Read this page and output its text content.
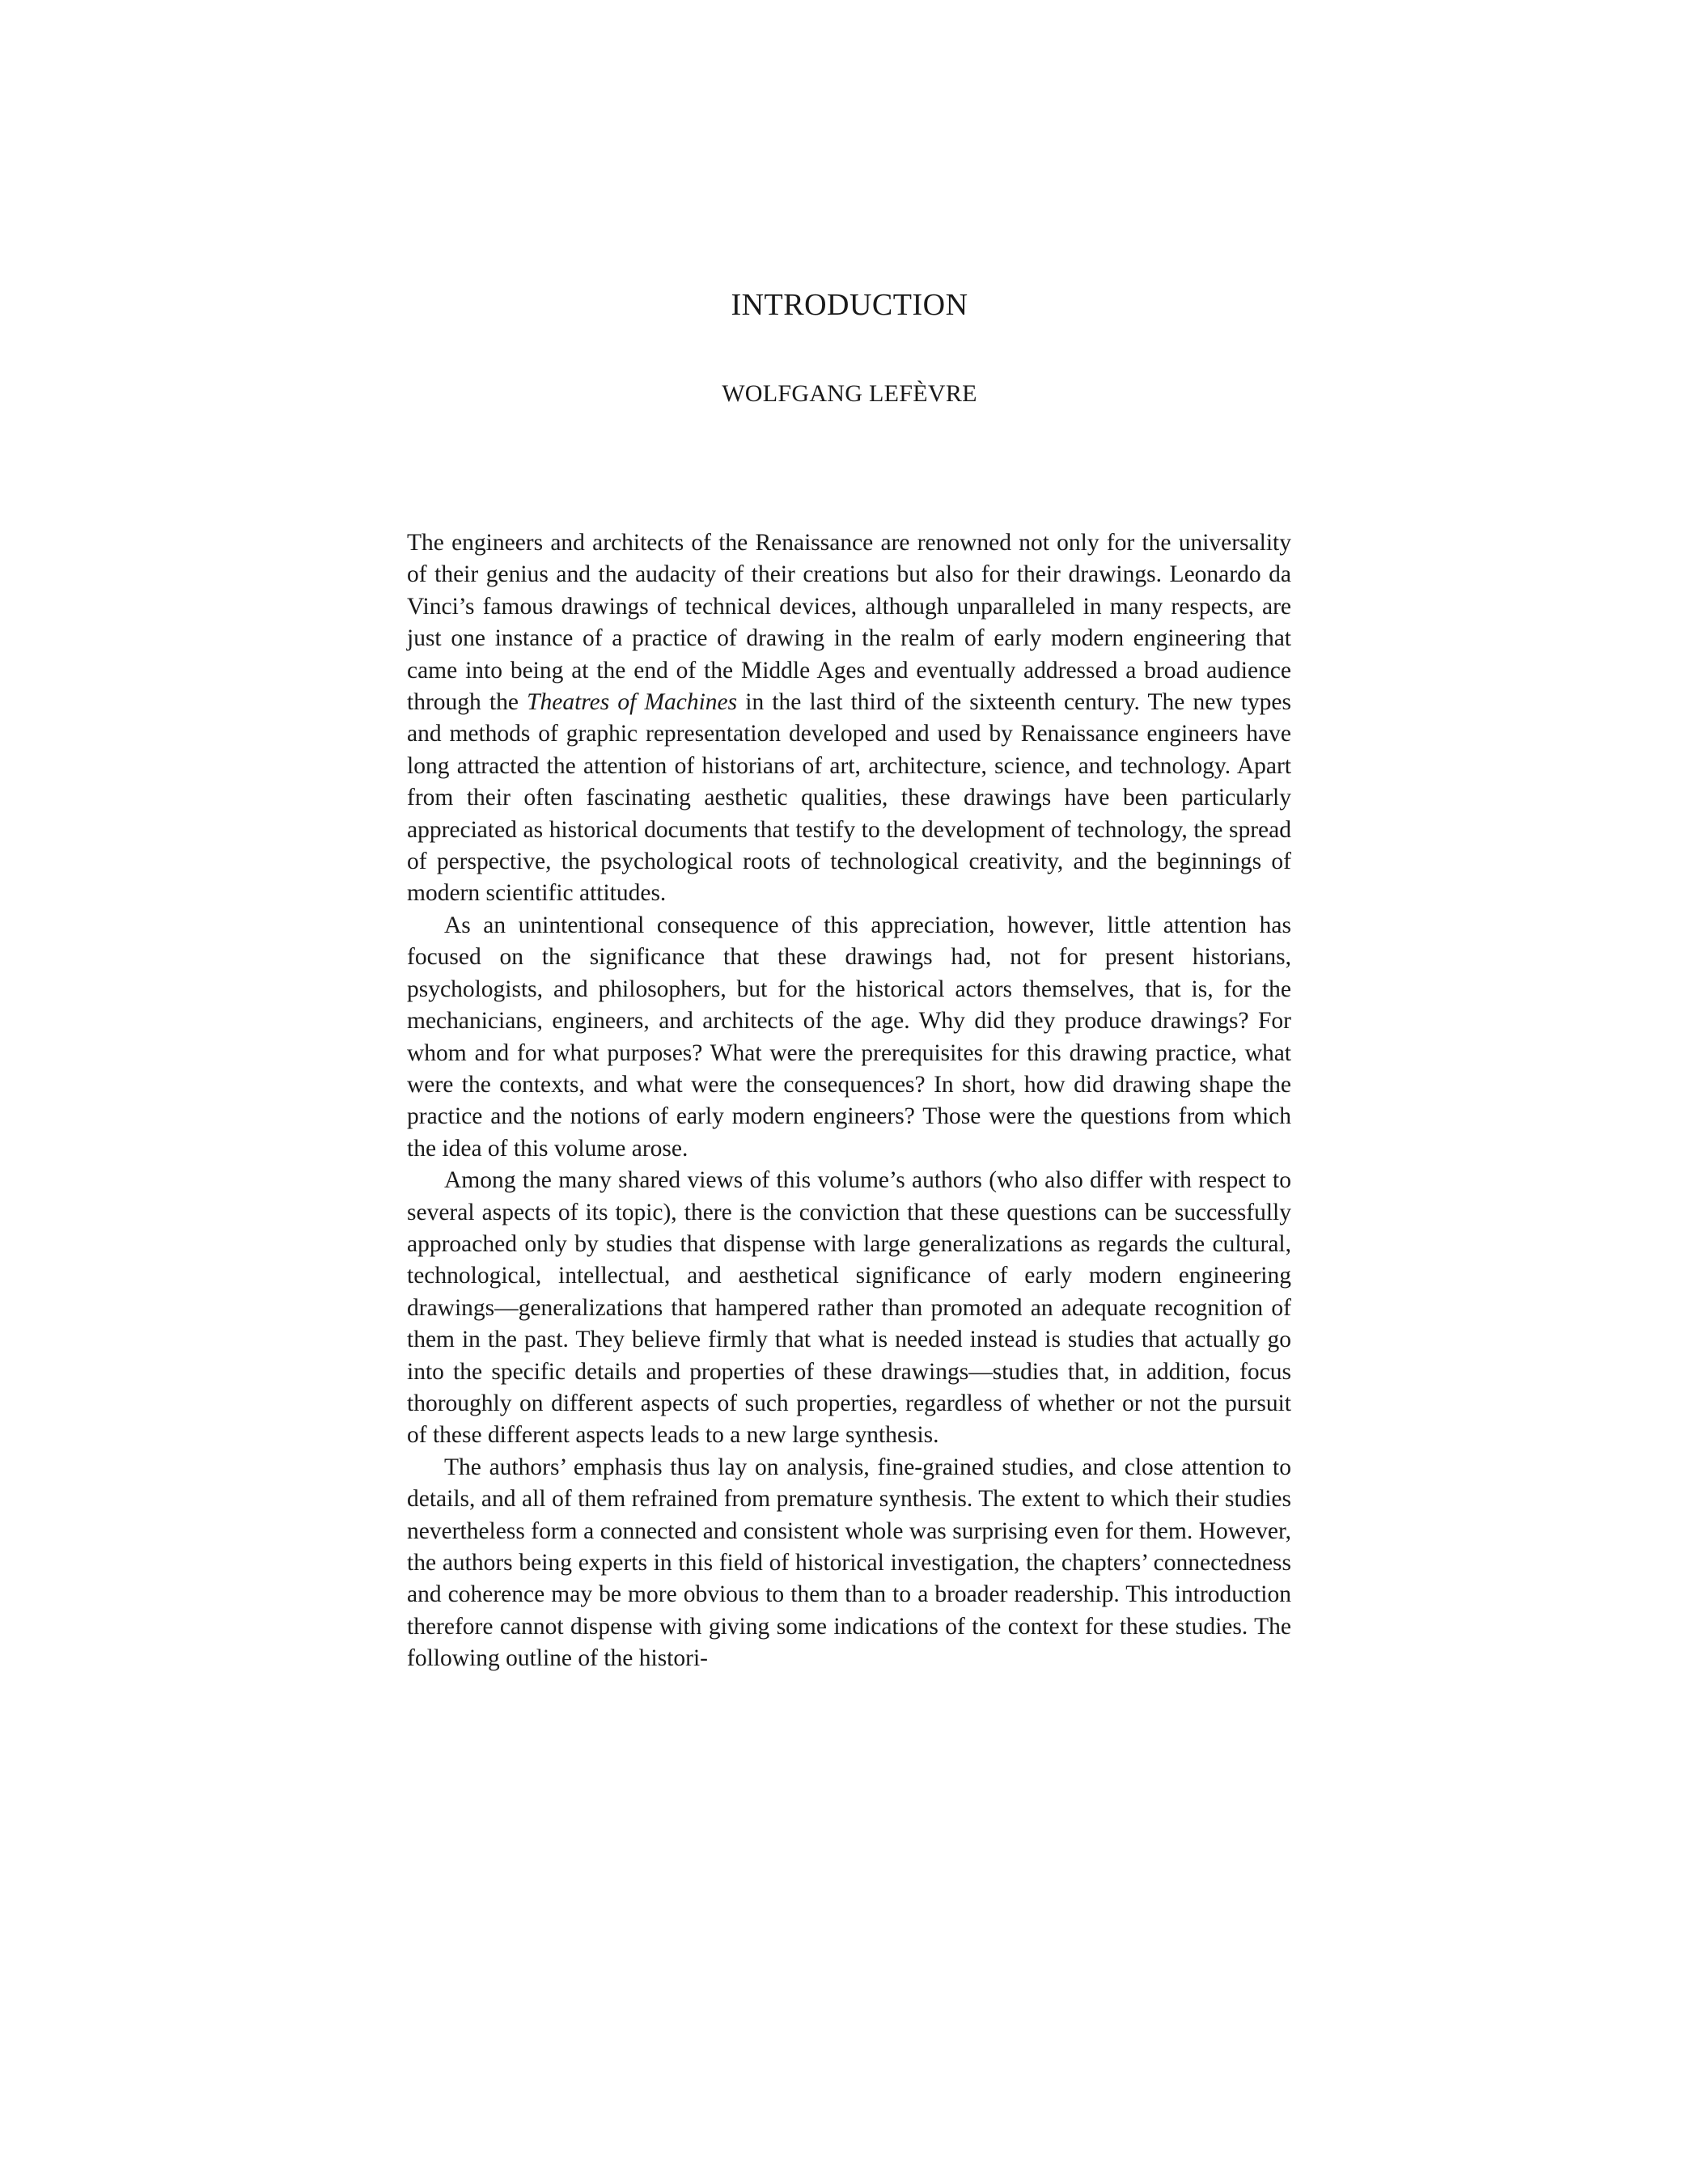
INTRODUCTION
WOLFGANG LEFÈVRE

The engineers and architects of the Renaissance are renowned not only for the universality of their genius and the audacity of their creations but also for their drawings. Leonardo da Vinci’s famous drawings of technical devices, although unparalleled in many respects, are just one instance of a practice of drawing in the realm of early modern engineering that came into being at the end of the Middle Ages and eventually addressed a broad audience through the Theatres of Machines in the last third of the sixteenth century. The new types and methods of graphic representation developed and used by Renaissance engineers have long attracted the attention of historians of art, architecture, science, and technology. Apart from their often fascinating aesthetic qualities, these drawings have been particularly appreciated as historical documents that testify to the development of technology, the spread of perspective, the psychological roots of technological creativity, and the beginnings of modern scientific attitudes.

As an unintentional consequence of this appreciation, however, little attention has focused on the significance that these drawings had, not for present historians, psychologists, and philosophers, but for the historical actors themselves, that is, for the mechanicians, engineers, and architects of the age. Why did they produce drawings? For whom and for what purposes? What were the prerequisites for this drawing practice, what were the contexts, and what were the consequences? In short, how did drawing shape the practice and the notions of early modern engineers? Those were the questions from which the idea of this volume arose.

Among the many shared views of this volume’s authors (who also differ with respect to several aspects of its topic), there is the conviction that these questions can be successfully approached only by studies that dispense with large generalizations as regards the cultural, technological, intellectual, and aesthetical significance of early modern engineering drawings—generalizations that hampered rather than promoted an adequate recognition of them in the past. They believe firmly that what is needed instead is studies that actually go into the specific details and properties of these drawings—studies that, in addition, focus thoroughly on different aspects of such properties, regardless of whether or not the pursuit of these different aspects leads to a new large synthesis.

The authors’ emphasis thus lay on analysis, fine-grained studies, and close attention to details, and all of them refrained from premature synthesis. The extent to which their studies nevertheless form a connected and consistent whole was surprising even for them. However, the authors being experts in this field of historical investigation, the chapters’ connectedness and coherence may be more obvious to them than to a broader readership. This introduction therefore cannot dispense with giving some indications of the context for these studies. The following outline of the histori-
